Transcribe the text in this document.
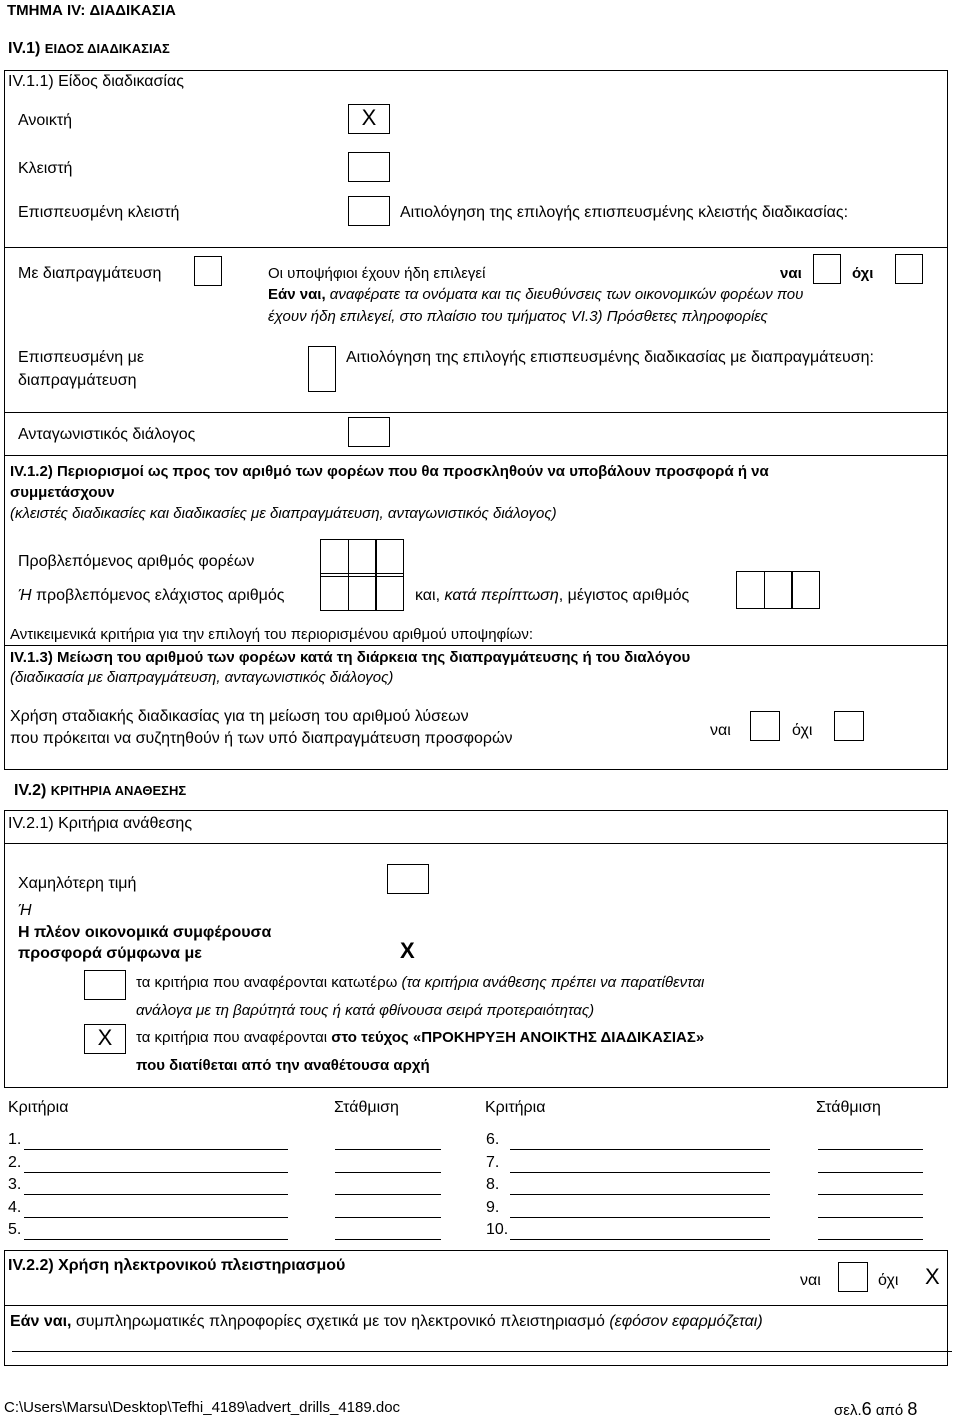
ΤΜΗΜΑ IV: ΔΙΑΔΙΚΑΣΙΑ
IV.1) ΕΙΔΟΣ ΔΙΑΔΙΚΑΣΙΑΣ
IV.1.1) Είδος διαδικασίας
Ανοικτή	X
Κλειστή
Επισπευσμένη κλειστή	Αιτιολόγηση της επιλογής επισπευσμένης κλειστής διαδικασίας:
Με διαπραγμάτευση	Οι υποψήφιοι έχουν ήδη επιλεγεί	ναι	όχι
Εάν ναι, αναφέρατε τα ονόματα και τις διευθύνσεις των οικονομικών φορέων που
έχουν ήδη επιλεγεί, στο πλαίσιο του τμήματος VI.3) Πρόσθετες πληροφορίες
Επισπευσμένη με
διαπραγμάτευση
Αιτιολόγηση της επιλογής επισπευσμένης διαδικασίας με διαπραγμάτευση:
Ανταγωνιστικός διάλογος
IV.1.2) Περιορισμοί ως προς τον αριθμό των φορέων που θα προσκληθούν να υποβάλουν προσφορά ή να
συμμετάσχουν
(κλειστές διαδικασίες και διαδικασίες με διαπραγμάτευση, ανταγωνιστικός διάλογος)
Προβλεπόμενος αριθμός φορέων
Ή προβλεπόμενος ελάχιστος αριθμός	και, κατά περίπτωση, μέγιστος αριθμός
Αντικειμενικά κριτήρια για την επιλογή του περιορισμένου αριθμού υποψηφίων:
IV.1.3) Μείωση του αριθμού των φορέων κατά τη διάρκεια της διαπραγμάτευσης ή του διαλόγου
(διαδικασία με διαπραγμάτευση, ανταγωνιστικός διάλογος)
Χρήση σταδιακής διαδικασίας για τη μείωση του αριθμού λύσεων
που πρόκειται να συζητηθούν ή των υπό διαπραγμάτευση προσφορών	ναι	όχι
IV.2) ΚΡΙΤΗΡΙΑ ΑΝΑΘΕΣΗΣ
IV.2.1) Κριτήρια ανάθεσης
Χαμηλότερη τιμή
Ή
Η πλέον οικονομικά συμφέρουσα
προσφορά σύμφωνα με	X
τα κριτήρια που αναφέρονται κατωτέρω (τα κριτήρια ανάθεσης πρέπει να παρατίθενται
ανάλογα με τη βαρύτητά τους ή κατά φθίνουσα σειρά προτεραιότητας)
X	τα κριτήρια που αναφέρονται στο τεύχος «ΠΡΟΚΗΡΥΞΗ ΑΝΟΙΚΤΗΣ ΔΙΑΔΙΚΑΣΙΑΣ»
που διατίθεται από την αναθέτουσα αρχή
Κριτήρια	Στάθμιση	Κριτήρια	Στάθμιση
1.	6.
2.	7.
3.	8.
4.	9.
5.	10.
IV.2.2) Χρήση ηλεκτρονικού πλειστηριασμού
ναι	όχι X
Εάν ναι, συμπληρωματικές πληροφορίες σχετικά με τον ηλεκτρονικό πλειστηριασμό (εφόσον εφαρμόζεται)
C:\Users\Marsu\Desktop\Tefhi_4189\advert_drills_4189.doc	σελ.6 από 8
